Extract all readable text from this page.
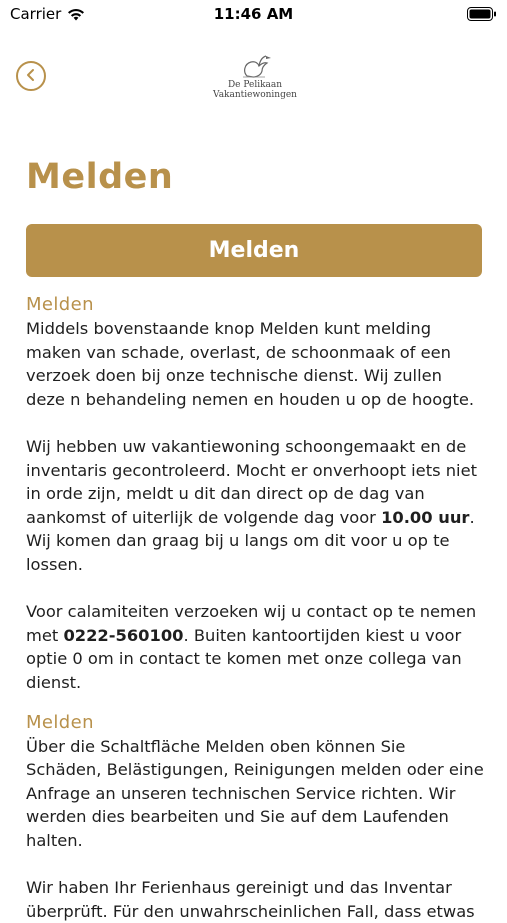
Carrier	11:46 AM
De Pelikaan
Vakantiewoningen
Melden
Melden
Melden

Middels bovenstaande knop Melden kunt melding maken van schade, overlast, de schoonmaak of een verzoek doen bij onze technische dienst. Wij zullen deze n behandeling nemen en houden u op de hoogte.

Wij hebben uw vakantiewoning schoongemaakt en de inventaris gecontroleerd. Mocht er onverhoopt iets niet in orde zijn, meldt u dit dan direct op de dag van aankomst of uiterlijk de volgende dag voor 10.00 uur. Wij komen dan graag bij u langs om dit voor u op te lossen.

Voor calamiteiten verzoeken wij u contact op te nemen met 0222-560100. Buiten kantoortijden kiest u voor optie 0 om in contact te komen met onze collega van dienst.

Melden

Über die Schaltfläche Melden oben können Sie Schäden, Belästigungen, Reinigungen melden oder eine Anfrage an unseren technischen Service richten. Wir werden dies bearbeiten und Sie auf dem Laufenden halten.

Wir haben Ihr Ferienhaus gereinigt und das Inventar überprüft. Für den unwahrscheinlichen Fall, dass etwas
